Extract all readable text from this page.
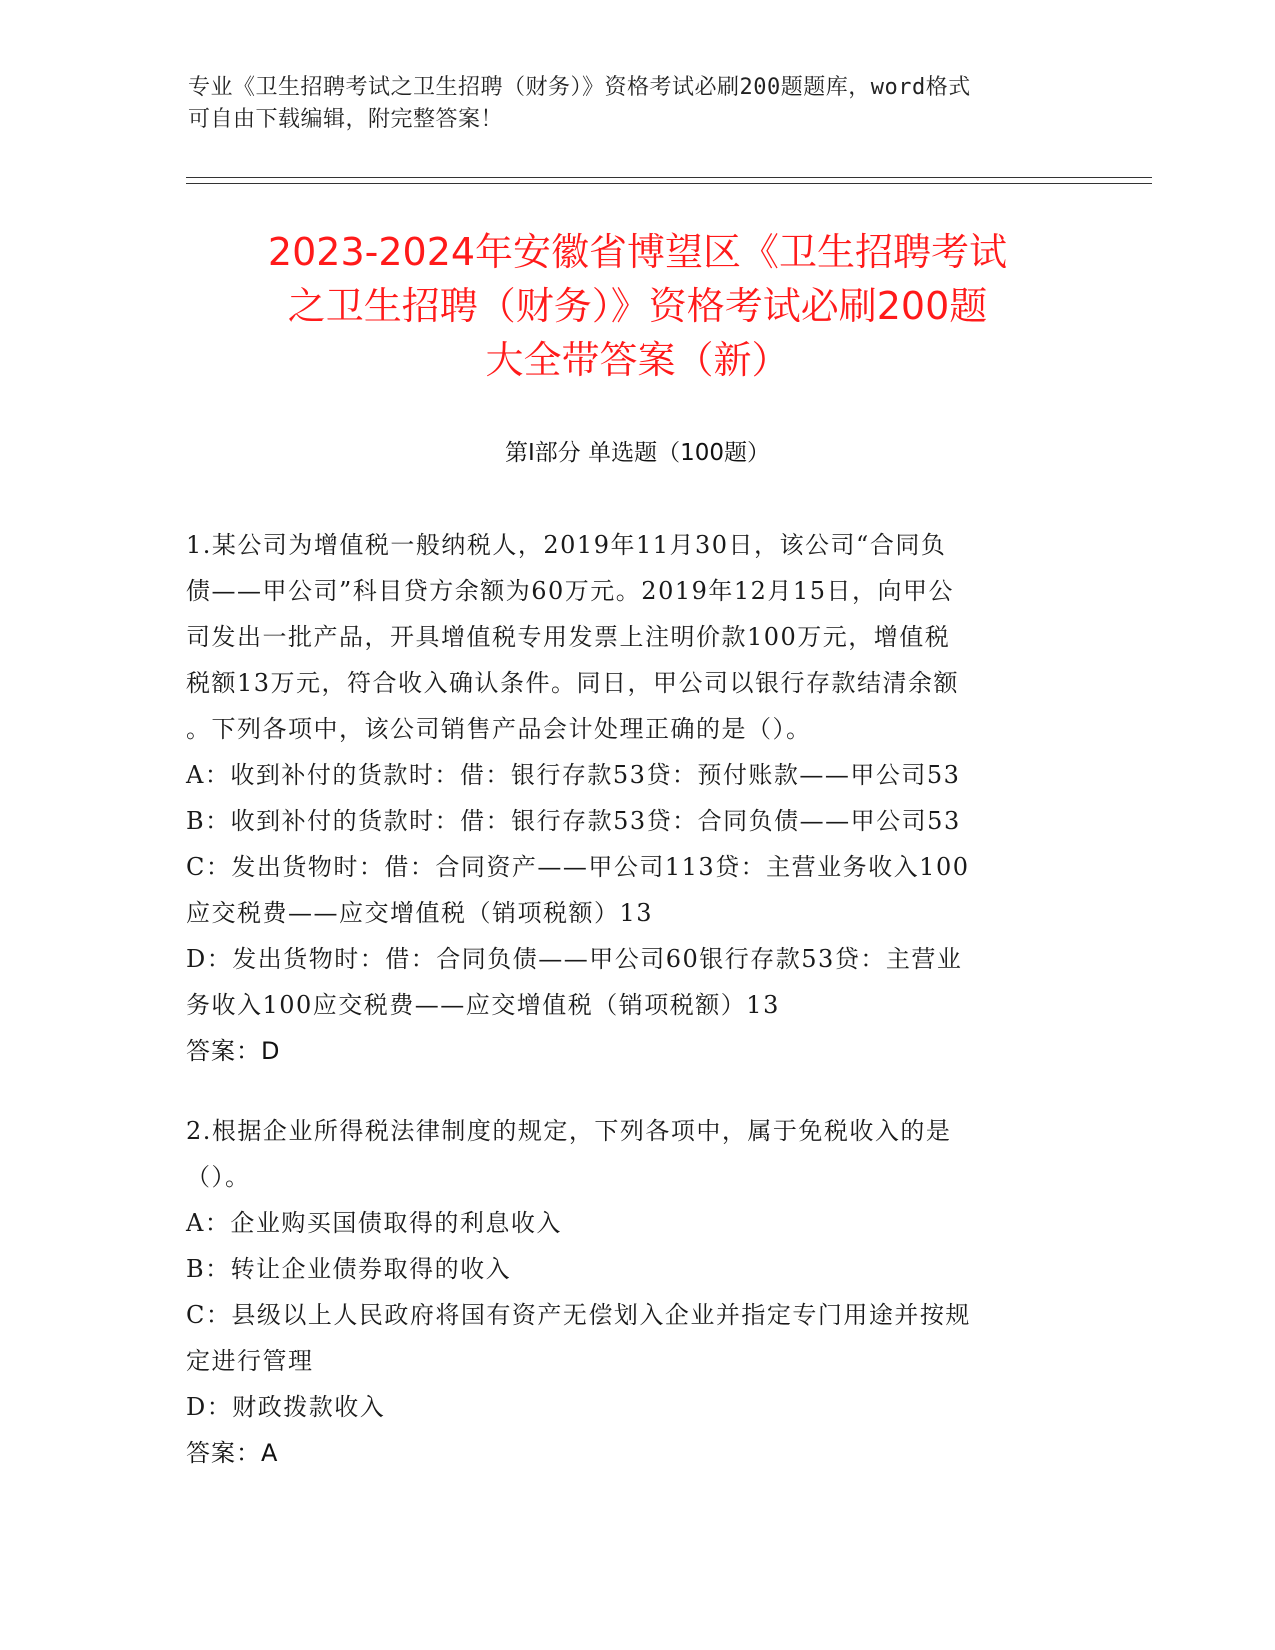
专业《卫生招聘考试之卫生招聘（财务）》资格考试必刷200题题库，word格式
可自由下载编辑，附完整答案！
2023-2024年安徽省博望区《卫生招聘考试
之卫生招聘（财务）》资格考试必刷200题
大全带答案（新）
第I部分 单选题（100题）
1.某公司为增值税一般纳税人，2019年11月30日，该公司“合同负
债——甲公司”科目贷方余额为60万元。2019年12月15日，向甲公
司发出一批产品，开具增值税专用发票上注明价款100万元，增值税
税额13万元，符合收入确认条件。同日，甲公司以银行存款结清余额
。下列各项中，该公司销售产品会计处理正确的是（）。
A：收到补付的货款时：借：银行存款53贷：预付账款——甲公司53
B：收到补付的货款时：借：银行存款53贷：合同负债——甲公司53
C：发出货物时：借：合同资产——甲公司113贷：主营业务收入100
应交税费——应交增值税（销项税额）13
D：发出货物时：借：合同负债——甲公司60银行存款53贷：主营业
务收入100应交税费——应交增值税（销项税额）13
答案：D
2.根据企业所得税法律制度的规定，下列各项中，属于免税收入的是
（）。
A：企业购买国债取得的利息收入
B：转让企业债券取得的收入
C：县级以上人民政府将国有资产无偿划入企业并指定专门用途并按规
定进行管理
D：财政拨款收入
答案：A
